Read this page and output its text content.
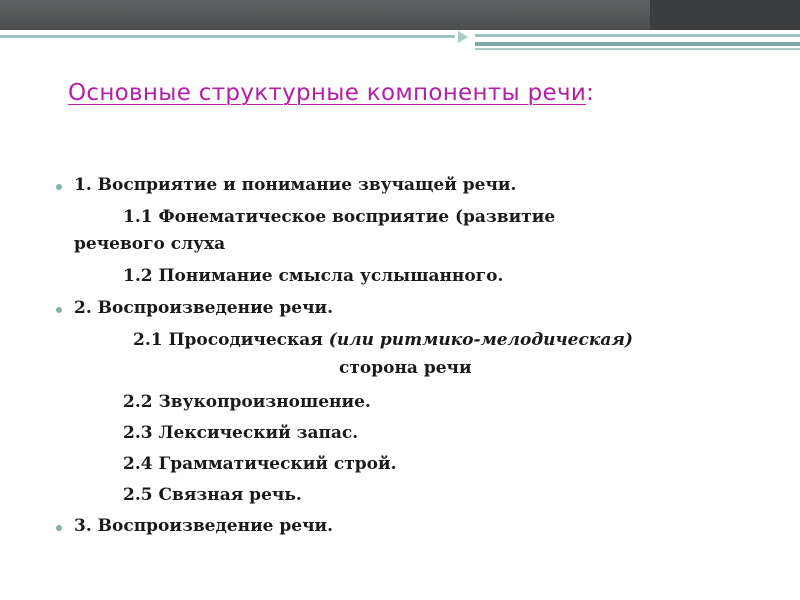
Основные структурные компоненты речи:
1. Восприятие и понимание звучащей речи.
1.1 Фонематическое восприятие (развитие
речевого слуха
1.2 Понимание смысла услышанного.
2. Воспроизведение речи.
2.1 Просодическая (или ритмико-мелодическая)
сторона речи
2.2 Звукопроизношение.
2.3 Лексический запас.
2.4 Грамматический строй.
2.5 Связная речь.
3. Воспроизведение речи.
